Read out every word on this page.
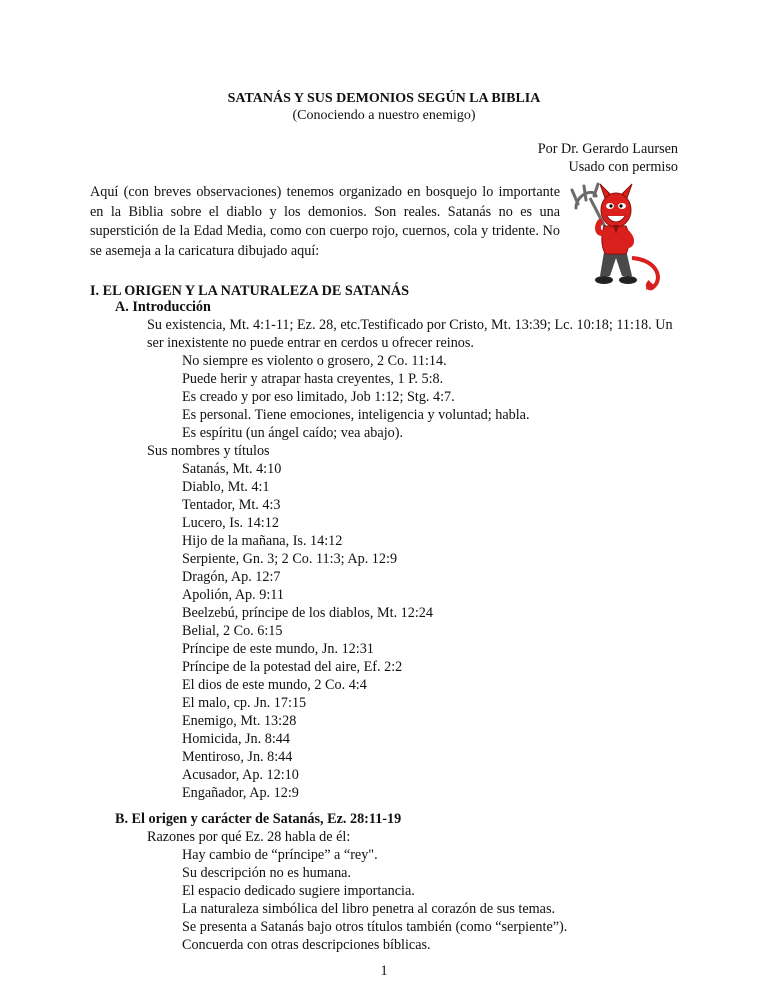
SATANÁS Y SUS DEMONIOS SEGÚN LA BIBLIA
(Conociendo a nuestro enemigo)
Por Dr. Gerardo Laursen
Usado con permiso
Aquí (con breves observaciones) tenemos organizado en bosquejo lo importante en la Biblia sobre el diablo y los demonios. Son reales. Satanás no es una superstición de la Edad Media, como con cuerpo rojo, cuernos, cola y tridente. No se asemeja a la caricatura dibujado aquí:
I. EL ORIGEN Y LA NATURALEZA DE SATANÁS
A. Introducción
Su existencia, Mt. 4:1-11; Ez. 28, etc.Testificado por Cristo, Mt. 13:39; Lc. 10:18; 11:18. Un
ser inexistente no puede entrar en cerdos u ofrecer reinos.
No siempre es violento o grosero, 2 Co. 11:14.
Puede herir y atrapar hasta creyentes, 1 P. 5:8.
Es creado y por eso limitado, Job 1:12; Stg. 4:7.
Es personal. Tiene emociones, inteligencia y voluntad; habla.
Es espíritu (un ángel caído; vea abajo).
Sus nombres y títulos
Satanás, Mt. 4:10
Diablo, Mt. 4:1
Tentador, Mt. 4:3
Lucero, Is. 14:12
Hijo de la mañana, Is. 14:12
Serpiente, Gn. 3; 2 Co. 11:3; Ap. 12:9
Dragón, Ap. 12:7
Apolión, Ap. 9:11
Beelzebú, príncipe de los diablos, Mt. 12:24
Belial, 2 Co. 6:15
Príncipe de este mundo, Jn. 12:31
Príncipe de la potestad del aire, Ef. 2:2
El dios de este mundo, 2 Co. 4:4
El malo, cp. Jn. 17:15
Enemigo, Mt. 13:28
Homicida, Jn. 8:44
Mentiroso, Jn. 8:44
Acusador, Ap. 12:10
Engañador, Ap. 12:9
B. El origen y carácter de Satanás, Ez. 28:11-19
Razones por qué Ez. 28 habla de él:
Hay cambio de “príncipe” a “rey".
Su descripción no es humana.
El espacio dedicado sugiere importancia.
La naturaleza simbólica del libro penetra al corazón de sus temas.
Se presenta a Satanás bajo otros títulos también (como “serpiente”).
Concuerda con otras descripciones bíblicas.
1
